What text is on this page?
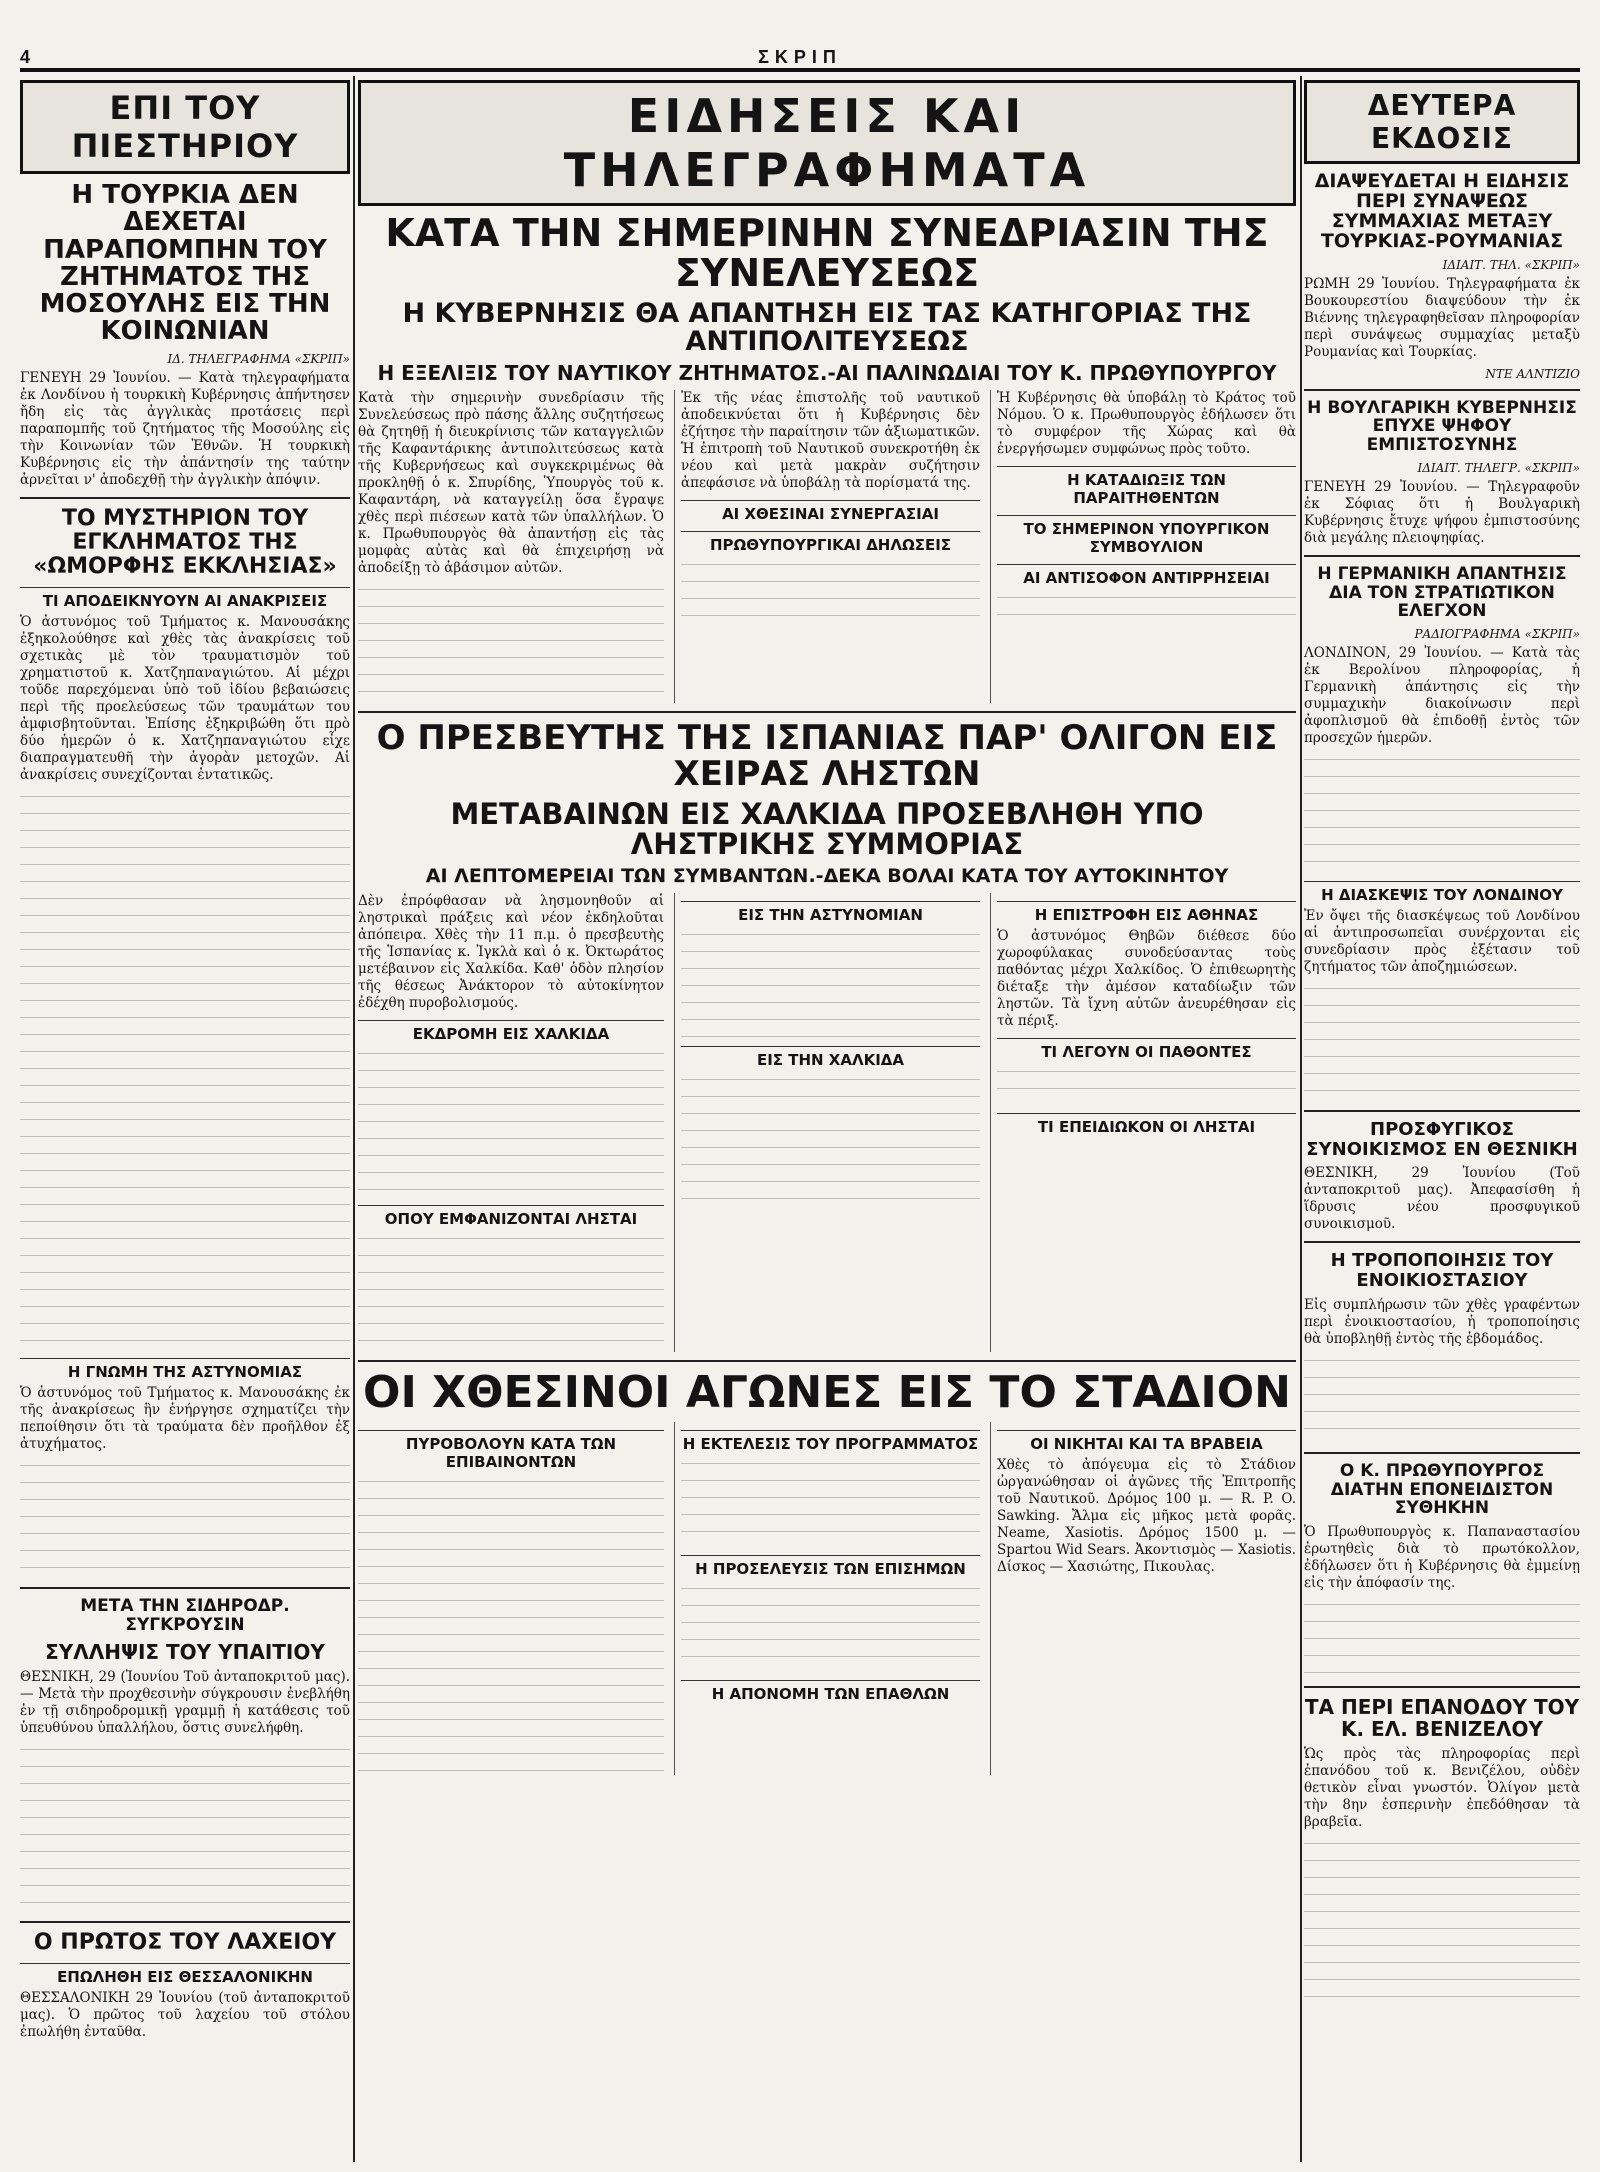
4	ΣΚΡΙΠ
ΕΠΙ ΤΟΥ ΠΙΕΣΤΗΡΙΟΥ
Η ΤΟΥΡΚΙΑ ΔΕΝ ΔΕΧΕΤΑΙ ΠΑΡΑΠΟΜΠΗΝ ΤΟΥ ΖΗΤΗΜΑΤΟΣ ΤΗΣ ΜΟΣΟΥΛΗΣ ΕΙΣ ΤΗΝ ΚΟΙΝΩΝΙΑΝ
ΙΔ. ΤΗΛΕΓΡΑΦΗΜΑ «ΣΚΡΙΠ»

ΓΕΝΕΥΗ 29 Ἰουνίου. — Κατὰ τηλεγραφήματα ἐκ Λονδίνου ἡ τουρκικὴ Κυβέρνησις ἀπήντησεν ἤδη εἰς τὰς ἀγγλικὰς προτάσεις περὶ παραπομπῆς τοῦ ζητήματος τῆς Μοσούλης εἰς τὴν Κοινωνίαν τῶν Ἐθνῶν. Ἡ τουρκικὴ Κυβέρνησις εἰς τὴν ἀπάντησίν της ταύτην ἀρνεῖται ν' ἀποδεχθῇ τὴν ἀγγλικὴν ἀπόψιν.

ΤΟ ΜΥΣΤΗΡΙΟΝ ΤΟΥ ΕΓΚΛΗΜΑΤΟΣ ΤΗΣ «ΩΜΟΡΦΗΣ ΕΚΚΛΗΣΙΑΣ»
ΤΙ ΑΠΟΔΕΙΚΝΥΟΥΝ ΑΙ ΑΝΑΚΡΙΣΕΙΣ

Ὁ ἀστυνόμος τοῦ Τμήματος κ. Μανουσάκης ἐξηκολούθησε καὶ χθὲς τὰς ἀνακρίσεις τοῦ σχετικὰς μὲ τὸν τραυματισμὸν τοῦ χρηματιστοῦ κ. Χατζηπαναγιώτου. Αἱ μέχρι τοῦδε παρεχόμεναι ὑπὸ τοῦ ἰδίου βεβαιώσεις περὶ τῆς προελεύσεως τῶν τραυμάτων του ἀμφισβητοῦνται. Ἐπίσης ἐξηκριβώθη ὅτι πρὸ δύο ἡμερῶν ὁ κ. Χατζηπαναγιώτου εἶχε διαπραγματευθῆ τὴν ἀγορὰν μετοχῶν. Αἱ ἀνακρίσεις συνεχίζονται ἐντατικῶς.

Η ΓΝΩΜΗ ΤΗΣ ΑΣΤΥΝΟΜΙΑΣ

Ὁ ἀστυνόμος τοῦ Τμήματος κ. Μανουσάκης ἐκ τῆς ἀνακρίσεως ἣν ἐνήργησε σχηματίζει τὴν πεποίθησιν ὅτι τὰ τραύματα δὲν προῆλθον ἐξ ἀτυχήματος.

ΜΕΤΑ ΤΗΝ ΣΙΔΗΡΟΔΡ. ΣΥΓΚΡΟΥΣΙΝ
ΣΥΛΛΗΨΙΣ ΤΟΥ ΥΠΑΙΤΙΟΥ

ΘΕΣΝΙΚΗ, 29 (Ἰουνίου Τοῦ ἀνταποκριτοῦ μας). — Μετὰ τὴν προχθεσινὴν σύγκρουσιν ἐνεβλήθη ἐν τῇ σιδηροδρομικῇ γραμμῇ ἡ κατάθεσις τοῦ ὑπευθύνου ὑπαλλήλου, ὅστις συνελήφθη.

Ο ΠΡΩΤΟΣ ΤΟΥ ΛΑΧΕΙΟΥ
ΕΠΩΛΗΘΗ ΕΙΣ ΘΕΣΣΑΛΟΝΙΚΗΝ

ΘΕΣΣΑΛΟΝΙΚΗ 29 Ἰουνίου (τοῦ ἀνταποκριτοῦ μας). Ὁ πρῶτος τοῦ λαχείου τοῦ στόλου ἐπωλήθη ἐνταῦθα.

ΕΙΔΗΣΕΙΣ ΚΑΙ ΤΗΛΕΓΡΑΦΗΜΑΤΑ
ΚΑΤΑ ΤΗΝ ΣΗΜΕΡΙΝΗΝ ΣΥΝΕΔΡΙΑΣΙΝ ΤΗΣ ΣΥΝΕΛΕΥΣΕΩΣ
Η ΚΥΒΕΡΝΗΣΙΣ ΘΑ ΑΠΑΝΤΗΣΗ ΕΙΣ ΤΑΣ ΚΑΤΗΓΟΡΙΑΣ ΤΗΣ ΑΝΤΙΠΟΛΙΤΕΥΣΕΩΣ
Η ΕΞΕΛΙΞΙΣ ΤΟΥ ΝΑΥΤΙΚΟΥ ΖΗΤΗΜΑΤΟΣ.-ΑΙ ΠΑΛΙΝΩΔΙΑΙ ΤΟΥ Κ. ΠΡΩΘΥΠΟΥΡΓΟΥ

Κατὰ τὴν σημερινὴν συνεδρίασιν τῆς Συνελεύσεως πρὸ πάσης ἄλλης συζητήσεως θὰ ζητηθῇ ἡ διευκρίνισις τῶν καταγγελιῶν τῆς Καφαντάρικης ἀντιπολιτεύσεως κατὰ τῆς Κυβερνήσεως καὶ συγκεκριμένως θὰ προκληθῇ ὁ κ. Σπυρίδης, Ὑπουργὸς τοῦ κ. Καφαντάρη, νὰ καταγγείλῃ ὅσα ἔγραψε χθὲς περὶ πιέσεων κατὰ τῶν ὑπαλλήλων. Ὁ κ. Πρωθυπουργὸς θὰ ἀπαντήσῃ εἰς τὰς μομφὰς αὐτὰς καὶ θὰ ἐπιχειρήσῃ νὰ ἀποδείξῃ τὸ ἀβάσιμον αὐτῶν.

Ἐκ τῆς νέας ἐπιστολῆς τοῦ ναυτικοῦ ἀποδεικνύεται ὅτι ἡ Κυβέρνησις δὲν ἐζήτησε τὴν παραίτησιν τῶν ἀξιωματικῶν. Ἡ ἐπιτροπὴ τοῦ Ναυτικοῦ συνεκροτήθη ἐκ νέου καὶ μετὰ μακρὰν συζήτησιν ἀπεφάσισε νὰ ὑποβάλῃ τὰ πορίσματά της.

ΑΙ ΧΘΕΣΙΝΑΙ ΣΥΝΕΡΓΑΣΙΑΙ
ΠΡΩΘΥΠΟΥΡΓΙΚΑΙ ΔΗΛΩΣΕΙΣ

Ἡ Κυβέρνησις θὰ ὑποβάλῃ τὸ Κράτος τοῦ Νόμου. Ὁ κ. Πρωθυπουργὸς ἐδήλωσεν ὅτι τὸ συμφέρον τῆς Χώρας καὶ θὰ ἐνεργήσωμεν συμφώνως πρὸς τοῦτο.

Η ΚΑΤΑΔΙΩΞΙΣ ΤΩΝ ΠΑΡΑΙΤΗΘΕΝΤΩΝ
ΤΟ ΣΗΜΕΡΙΝΟΝ ΥΠΟΥΡΓΙΚΟΝ ΣΥΜΒΟΥΛΙΟΝ
ΑΙ ΑΝΤΙΣΟΦΟΝ ΑΝΤΙΡΡΗΣΕΙΑΙ
Ο ΠΡΕΣΒΕΥΤΗΣ ΤΗΣ ΙΣΠΑΝΙΑΣ ΠΑΡ' ΟΛΙΓΟΝ ΕΙΣ ΧΕΙΡΑΣ ΛΗΣΤΩΝ
ΜΕΤΑΒΑΙΝΩΝ ΕΙΣ ΧΑΛΚΙΔΑ ΠΡΟΣΕΒΛΗΘΗ ΥΠΟ ΛΗΣΤΡΙΚΗΣ ΣΥΜΜΟΡΙΑΣ
ΑΙ ΛΕΠΤΟΜΕΡΕΙΑΙ ΤΩΝ ΣΥΜΒΑΝΤΩΝ.-ΔΕΚΑ ΒΟΛΑΙ ΚΑΤΑ ΤΟΥ ΑΥΤΟΚΙΝΗΤΟΥ

Δὲν ἐπρόφθασαν νὰ λησμονηθοῦν αἱ ληστρικαὶ πράξεις καὶ νέον ἐκδηλοῦται ἀπόπειρα. Χθὲς τὴν 11 π.μ. ὁ πρεσβευτὴς τῆς Ἱσπανίας κ. Ἰγκλὰ καὶ ὁ κ. Ὀκτωράτος μετέβαινον εἰς Χαλκίδα. Καθ' ὁδὸν πλησίον τῆς θέσεως Ἀνάκτορον τὸ αὐτοκίνητον ἐδέχθη πυροβολισμούς.

ΕΚΔΡΟΜΗ ΕΙΣ ΧΑΛΚΙΔΑ
ΟΠΟΥ ΕΜΦΑΝΙΖΟΝΤΑΙ ΛΗΣΤΑΙ
ΕΙΣ ΤΗΝ ΑΣΤΥΝΟΜΙΑΝ
ΕΙΣ ΤΗΝ ΧΑΛΚΙΔΑ
Η ΕΠΙΣΤΡΟΦΗ ΕΙΣ ΑΘΗΝΑΣ

Ὁ ἀστυνόμος Θηβῶν διέθεσε δύο χωροφύλακας συνοδεύσαντας τοὺς παθόντας μέχρι Χαλκίδος. Ὁ ἐπιθεωρητὴς διέταξε τὴν ἀμέσον καταδίωξιν τῶν ληστῶν. Τὰ ἴχνη αὐτῶν ἀνευρέθησαν εἰς τὰ πέριξ.

ΤΙ ΛΕΓΟΥΝ ΟΙ ΠΑΘΟΝΤΕΣ
ΤΙ ΕΠΕΙΔΙΩΚΟΝ ΟΙ ΛΗΣΤΑΙ
ΟΙ ΧΘΕΣΙΝΟΙ ΑΓΩΝΕΣ ΕΙΣ ΤΟ ΣΤΑΔΙΟΝ
ΠΥΡΟΒΟΛΟΥΝ ΚΑΤΑ ΤΩΝ ΕΠΙΒΑΙΝΟΝΤΩΝ
Η ΕΚΤΕΛΕΣΙΣ ΤΟΥ ΠΡΟΓΡΑΜΜΑΤΟΣ
Η ΠΡΟΣΕΛΕΥΣΙΣ ΤΩΝ ΕΠΙΣΗΜΩΝ
Η ΑΠΟΝΟΜΗ ΤΩΝ ΕΠΑΘΛΩΝ
ΟΙ ΝΙΚΗΤΑΙ ΚΑΙ ΤΑ ΒΡΑΒΕΙΑ

Χθὲς τὸ ἀπόγευμα εἰς τὸ Στάδιον ὠργανώθησαν οἱ ἀγῶνες τῆς Ἐπιτροπῆς τοῦ Ναυτικοῦ. Δρόμος 100 μ. — R. P. O. Sawking. Ἄλμα εἰς μῆκος μετὰ φορᾶς. Neame, Xasiotis. Δρόμος 1500 μ. — Spartou Wid Sears. Ἀκοντισμὸς — Xasiotis. Δίσκος — Χασιώτης, Πικουλας.

ΔΕΥΤΕΡΑ ΕΚΔΟΣΙΣ
ΔΙΑΨΕΥΔΕΤΑΙ Η ΕΙΔΗΣΙΣ ΠΕΡΙ ΣΥΝΑΨΕΩΣ ΣΥΜΜΑΧΙΑΣ ΜΕΤΑΞΥ ΤΟΥΡΚΙΑΣ-ΡΟΥΜΑΝΙΑΣ
ΙΔΙΑΙΤ. ΤΗΛ. «ΣΚΡΙΠ»

ΡΩΜΗ 29 Ἰουνίου. Τηλεγραφήματα ἐκ Βουκουρεστίου διαψεύδουν τὴν ἐκ Βιέννης τηλεγραφηθεῖσαν πληροφορίαν περὶ συνάψεως συμμαχίας μεταξὺ Ρουμανίας καὶ Τουρκίας.

ΝΤΕ ΑΛΝΤΙΖΙΟ
Η ΒΟΥΛΓΑΡΙΚΗ ΚΥΒΕΡΝΗΣΙΣ ΕΠΥΧΕ ΨΗΦΟΥ ΕΜΠΙΣΤΟΣΥΝΗΣ
ΙΔΙΑΙΤ. ΤΗΛΕΓΡ. «ΣΚΡΙΠ»

ΓΕΝΕΥΗ 29 Ἰουνίου. — Τηλεγραφοῦν ἐκ Σόφιας ὅτι ἡ Βουλγαρικὴ Κυβέρνησις ἔτυχε ψήφου ἐμπιστοσύνης διὰ μεγάλης πλειοψηφίας.

Η ΓΕΡΜΑΝΙΚΗ ΑΠΑΝΤΗΣΙΣ ΔΙΑ ΤΟΝ ΣΤΡΑΤΙΩΤΙΚΟΝ ΕΛΕΓΧΟΝ
ΡΑΔΙΟΓΡΑΦΗΜΑ «ΣΚΡΙΠ»

ΛΟΝΔΙΝΟΝ, 29 Ἰουνίου. — Κατὰ τὰς ἐκ Βερολίνου πληροφορίας, ἡ Γερμανικὴ ἀπάντησις εἰς τὴν συμμαχικὴν διακοίνωσιν περὶ ἀφοπλισμοῦ θὰ ἐπιδοθῇ ἐντὸς τῶν προσεχῶν ἡμερῶν.

Η ΔΙΑΣΚΕΨΙΣ ΤΟΥ ΛΟΝΔΙΝΟΥ

Ἐν ὄψει τῆς διασκέψεως τοῦ Λονδίνου αἱ ἀντιπροσωπεῖαι συνέρχονται εἰς συνεδρίασιν πρὸς ἐξέτασιν τοῦ ζητήματος τῶν ἀποζημιώσεων.

ΠΡΟΣΦΥΓΙΚΟΣ ΣΥΝΟΙΚΙΣΜΟΣ ΕΝ ΘΕΣΝΙΚΗ

ΘΕΣΝΙΚΗ, 29 Ἰουνίου (Τοῦ ἀνταποκριτοῦ μας). Ἀπεφασίσθη ἡ ἵδρυσις νέου προσφυγικοῦ συνοικισμοῦ.

Η ΤΡΟΠΟΠΟΙΗΣΙΣ ΤΟΥ ΕΝΟΙΚΙΟΣΤΑΣΙΟΥ

Εἰς συμπλήρωσιν τῶν χθὲς γραφέντων περὶ ἐνοικιοστασίου, ἡ τροποποίησις θὰ ὑποβληθῇ ἐντὸς τῆς ἑβδομάδος.

Ο Κ. ΠΡΩΘΥΠΟΥΡΓΟΣ ΔΙΑΤΗΝ ΕΠΟΝΕΙΔΙΣΤΟΝ ΣΥΘΗΚΗΝ

Ὁ Πρωθυπουργὸς κ. Παπαναστασίου ἐρωτηθεὶς διὰ τὸ πρωτόκολλον, ἐδήλωσεν ὅτι ἡ Κυβέρνησις θὰ ἐμμείνῃ εἰς τὴν ἀπόφασίν της.

ΤΑ ΠΕΡΙ ΕΠΑΝΟΔΟΥ ΤΟΥ Κ. ΕΛ. ΒΕΝΙΖΕΛΟΥ

Ὡς πρὸς τὰς πληροφορίας περὶ ἐπανόδου τοῦ κ. Βενιζέλου, οὐδὲν θετικὸν εἶναι γνωστόν. Ὀλίγον μετὰ τὴν 8ην ἑσπερινὴν ἐπεδόθησαν τὰ βραβεῖα.
